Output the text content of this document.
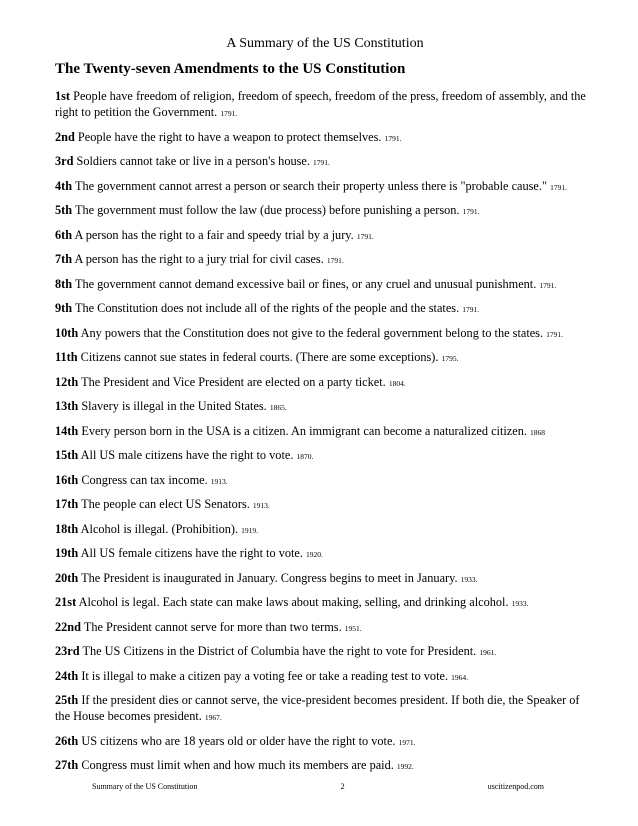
A Summary of the US Constitution
The Twenty-seven Amendments to the US Constitution
1st People have freedom of religion, freedom of speech, freedom of the press, freedom of assembly, and the right to petition the Government. 1791.
2nd People have the right to have a weapon to protect themselves. 1791.
3rd Soldiers cannot take or live in a person's house. 1791.
4th The government cannot arrest a person or search their property unless there is "probable cause." 1791.
5th The government must follow the law (due process) before punishing a person. 1791.
6th A person has the right to a fair and speedy trial by a jury. 1791.
7th A person has the right to a jury trial for civil cases. 1791.
8th The government cannot demand excessive bail or fines, or any cruel and unusual punishment. 1791.
9th The Constitution does not include all of the rights of the people and the states. 1791.
10th Any powers that the Constitution does not give to the federal government belong to the states. 1791.
11th Citizens cannot sue states in federal courts. (There are some exceptions). 1795.
12th The President and Vice President are elected on a party ticket. 1804.
13th Slavery is illegal in the United States. 1865.
14th Every person born in the USA is a citizen. An immigrant can become a naturalized citizen. 1868
15th All US male citizens have the right to vote. 1870.
16th Congress can tax income. 1913.
17th The people can elect US Senators. 1913.
18th Alcohol is illegal. (Prohibition). 1919.
19th All US female citizens have the right to vote. 1920.
20th The President is inaugurated in January. Congress begins to meet in January. 1933.
21st Alcohol is legal. Each state can make laws about making, selling, and drinking alcohol. 1933.
22nd The President cannot serve for more than two terms. 1951.
23rd The US Citizens in the District of Columbia have the right to vote for President. 1961.
24th It is illegal to make a citizen pay a voting fee or take a reading test to vote. 1964.
25th If the president dies or cannot serve, the vice-president becomes president. If both die, the Speaker of the House becomes president. 1967.
26th US citizens who are 18 years old or older have the right to vote. 1971.
27th Congress must limit when and how much its members are paid. 1992.
Summary of the US Constitution	2	uscitizenpod.com
